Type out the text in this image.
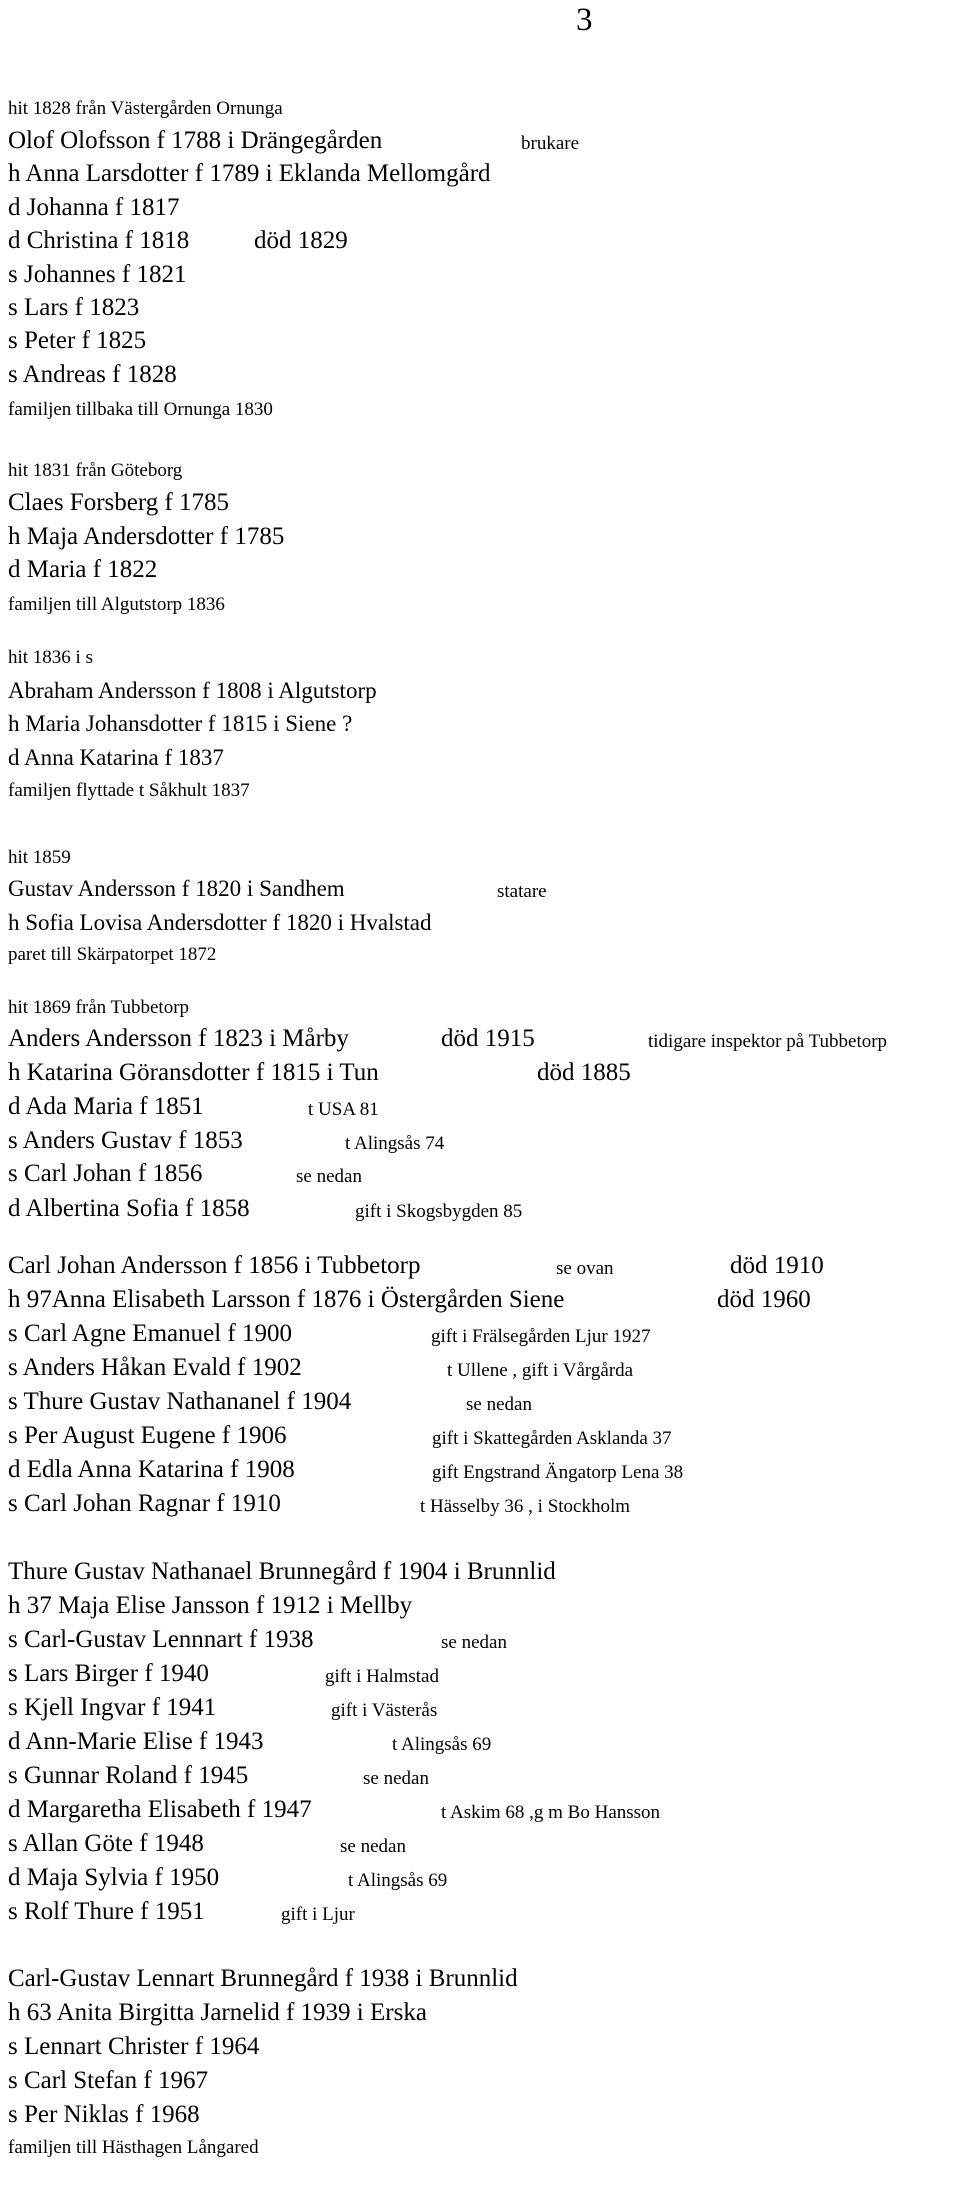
3
hit 1828 från Västergården Ornunga
Olof Olofsson f 1788 i Drängegården	brukare
h Anna Larsdotter f 1789 i Eklanda Mellomgård
d Johanna f 1817
d Christina f 1818	död 1829
s Johannes f 1821
s Lars f 1823
s Peter f 1825
s Andreas f 1828
familjen tillbaka till Ornunga 1830
hit 1831 från Göteborg
Claes Forsberg f 1785
h Maja Andersdotter f 1785
d Maria f 1822
familjen till Algutstorp 1836
hit 1836 i s
Abraham Andersson f 1808 i Algutstorp
h Maria Johansdotter f 1815 i Siene ?
d Anna Katarina f 1837
familjen flyttade t Såkhult 1837
hit 1859
Gustav Andersson f 1820 i Sandhem	statare
h Sofia Lovisa Andersdotter f 1820 i Hvalstad
paret till Skärpatorpet 1872
hit 1869 från Tubbetorp
Anders Andersson f 1823 i Mårby	död 1915	tidigare inspektor på Tubbetorp
h Katarina Göransdotter f 1815 i Tun	död 1885
d Ada Maria f 1851	t USA 81
s Anders Gustav f 1853	t Alingsås 74
s Carl Johan f 1856	se nedan
d Albertina Sofia f 1858	gift i Skogsbygden 85
Carl Johan Andersson f 1856 i Tubbetorp	se ovan	död 1910
h 97Anna Elisabeth Larsson f 1876 i Östergården Siene	död 1960
s Carl Agne Emanuel f 1900	gift i Frälsegården Ljur 1927
s Anders Håkan Evald f 1902	t Ullene , gift i Vårgårda
s Thure Gustav Nathananel f 1904	se nedan
s Per August Eugene f 1906	gift i Skattegården Asklanda 37
d Edla Anna Katarina f 1908	gift Engstrand Ängatorp Lena 38
s Carl Johan Ragnar f 1910	t Hässelby 36 , i Stockholm
Thure Gustav Nathanael Brunnegård f 1904 i Brunnlid
h 37 Maja Elise Jansson f 1912 i Mellby
s Carl-Gustav Lennnart f 1938	se nedan
s Lars Birger f 1940	gift i Halmstad
s Kjell Ingvar f 1941	gift i Västerås
d Ann-Marie Elise f 1943	t Alingsås 69
s Gunnar Roland f 1945	se nedan
d Margaretha Elisabeth f 1947	t Askim 68 ,g m Bo Hansson
s Allan Göte f 1948	se nedan
d Maja Sylvia f 1950	t Alingsås 69
s Rolf Thure f 1951	gift i Ljur
Carl-Gustav Lennart Brunnegård f 1938 i Brunnlid
h 63 Anita Birgitta Jarnelid f 1939 i Erska
s Lennart Christer f 1964
s Carl Stefan f 1967
s Per Niklas f 1968
familjen till Hästhagen Långared
